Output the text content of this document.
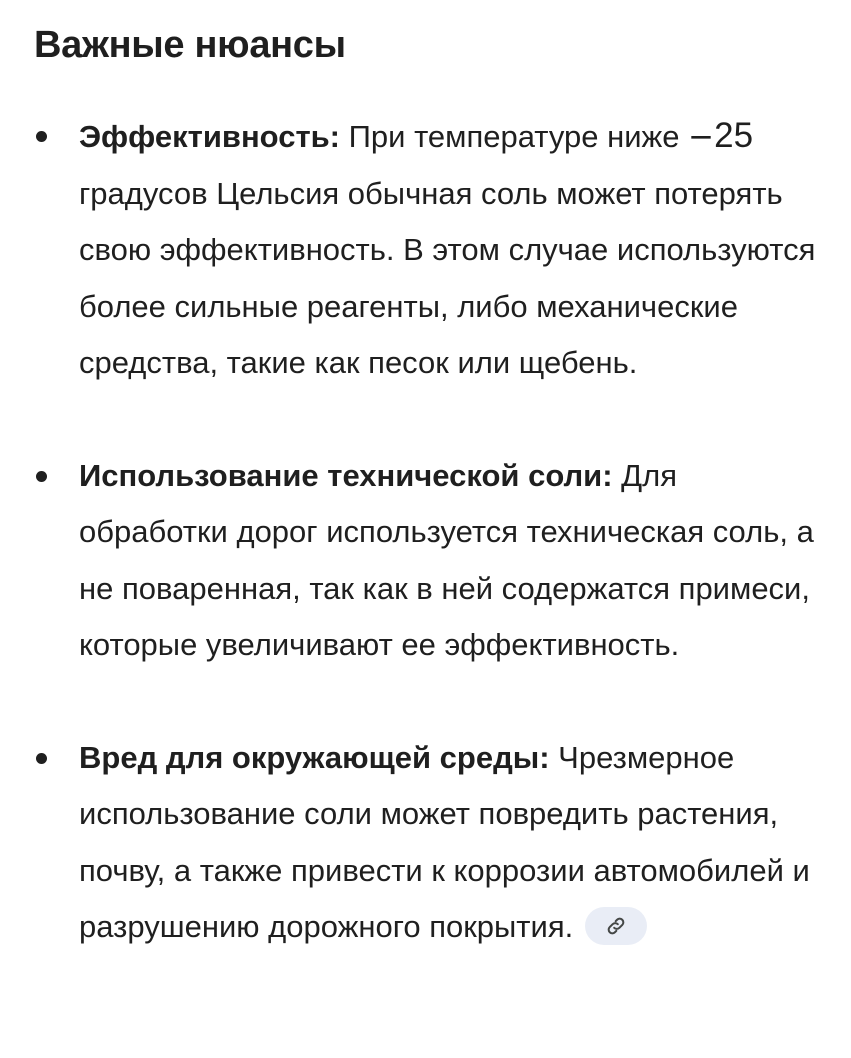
Важные нюансы
Эффективность: При температуре ниже −25 градусов Цельсия обычная соль может потерять свою эффективность. В этом случае используются более сильные реагенты, либо механические средства, такие как песок или щебень.
Использование технической соли: Для обработки дорог используется техническая соль, а не поваренная, так как в ней содержатся примеси, которые увеличивают ее эффективность.
Вред для окружающей среды: Чрезмерное использование соли может повредить растения, почву, а также привести к коррозии автомобилей и разрушению дорожного покрытия.
